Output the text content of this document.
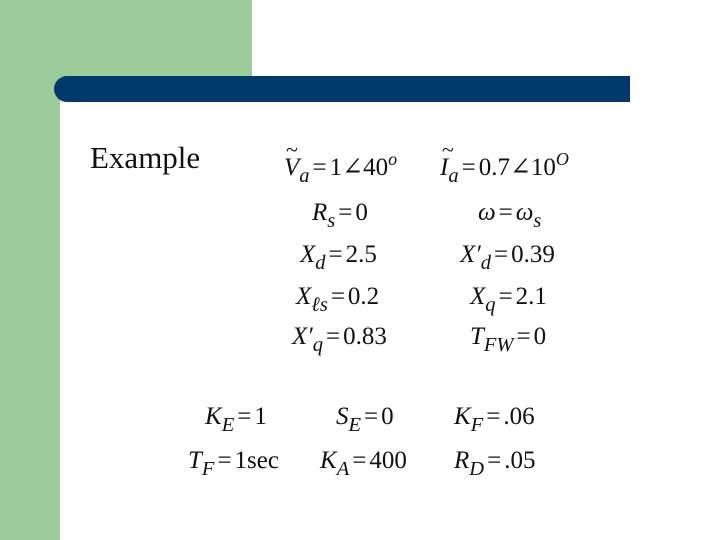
Example	~ $V_a$ = $1\angle 40^o$ ~ $I_a$ = $0.7\angle 10^O$
$R_s = 0$	$\omega = \omega_s$
$X_d = 2.5$	$X'_d = 0.39$
$X_{\ell s} = 0.2$	$X_q = 2.1$
$X'_q = 0.83$	$T_{FW} = 0$
$K_E = 1$	$S_E = 0$ $K_F = .06$
$T_F = 1\sec$ $K_A = 400$ $R_D = .05$
